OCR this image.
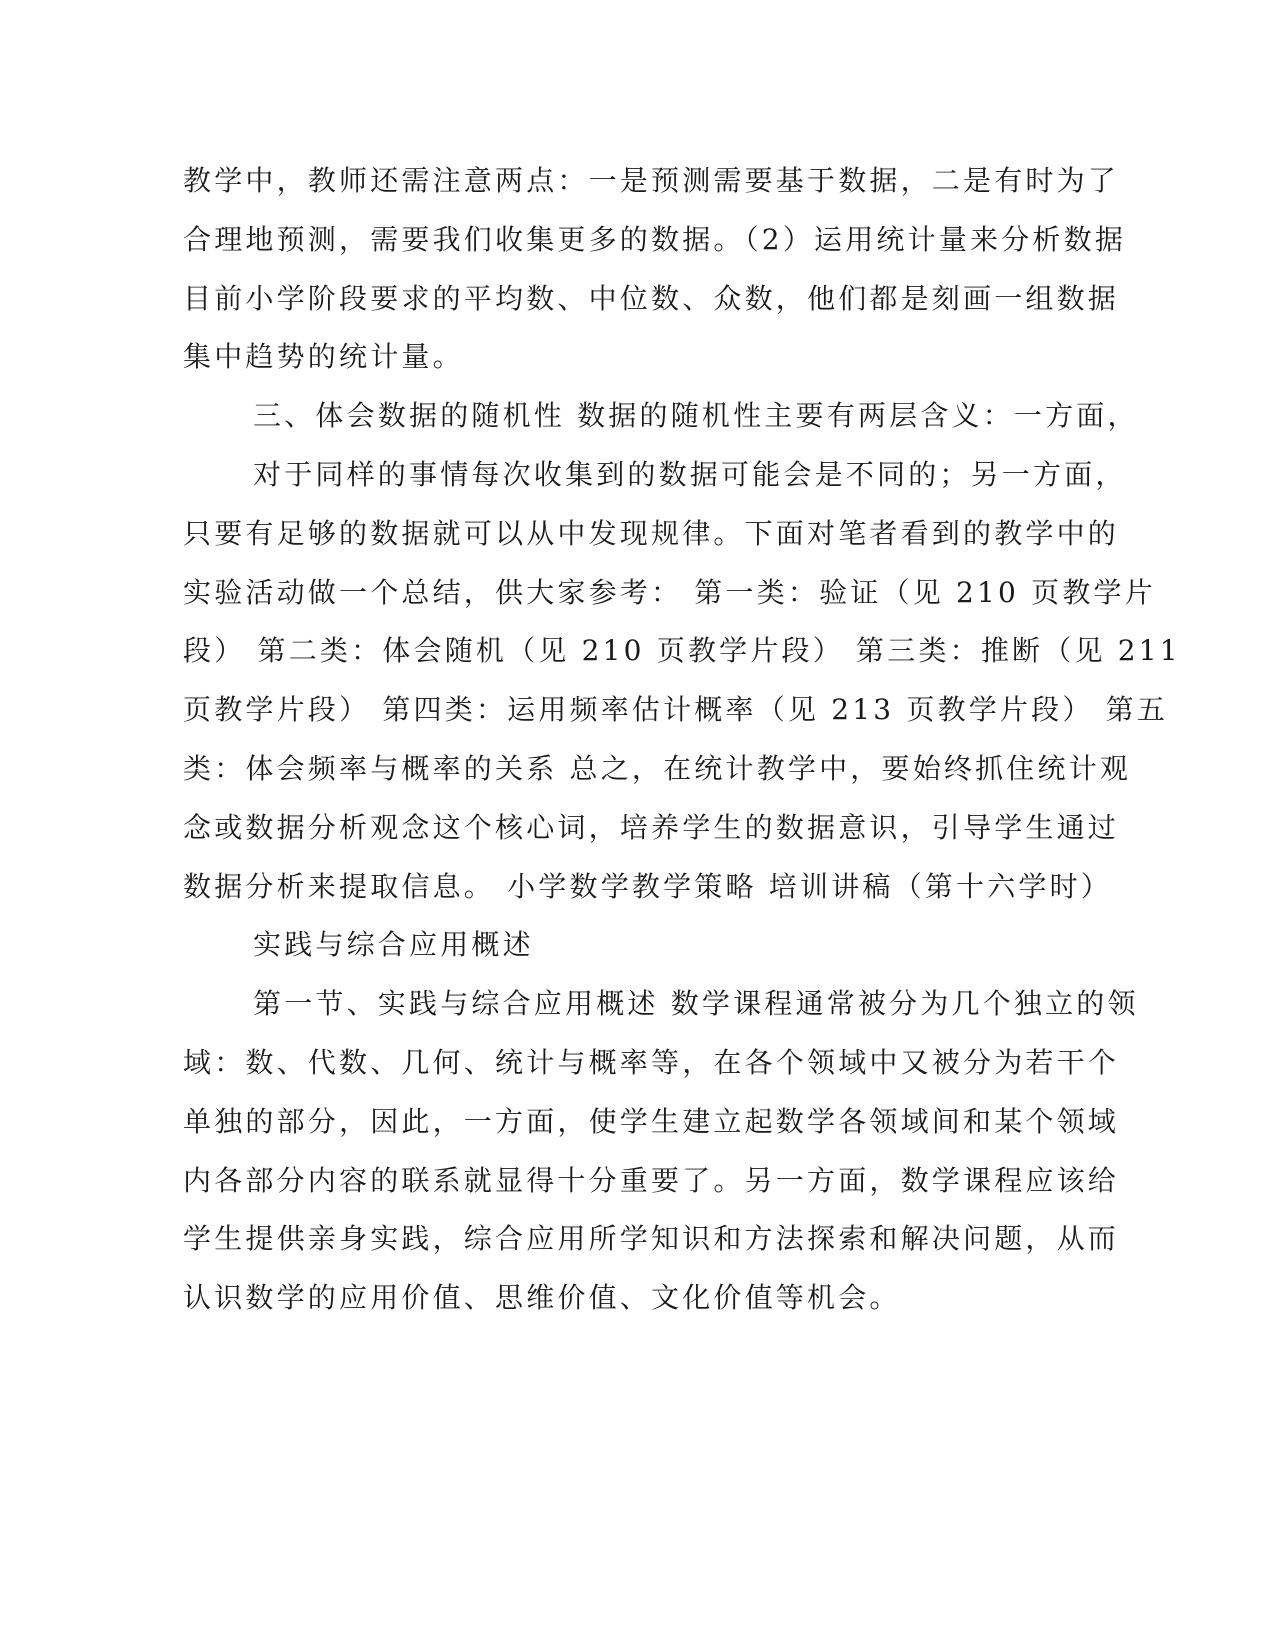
教学中，教师还需注意两点：一是预测需要基于数据，二是有时为了
合理地预测，需要我们收集更多的数据。（2）运用统计量来分析数据
目前小学阶段要求的平均数、中位数、众数，他们都是刻画一组数据
集中趋势的统计量。
三、体会数据的随机性 数据的随机性主要有两层含义：一方面，
对于同样的事情每次收集到的数据可能会是不同的；另一方面，
只要有足够的数据就可以从中发现规律。下面对笔者看到的教学中的
实验活动做一个总结，供大家参考： 第一类：验证（见 210 页教学片
段） 第二类：体会随机（见 210 页教学片段） 第三类：推断（见 211
页教学片段） 第四类：运用频率估计概率（见 213 页教学片段） 第五
类：体会频率与概率的关系 总之，在统计教学中，要始终抓住统计观
念或数据分析观念这个核心词，培养学生的数据意识，引导学生通过
数据分析来提取信息。 小学数学教学策略 培训讲稿（第十六学时）
实践与综合应用概述
第一节、实践与综合应用概述 数学课程通常被分为几个独立的领
域：数、代数、几何、统计与概率等，在各个领域中又被分为若干个
单独的部分，因此，一方面，使学生建立起数学各领域间和某个领域
内各部分内容的联系就显得十分重要了。另一方面，数学课程应该给
学生提供亲身实践，综合应用所学知识和方法探索和解决问题，从而
认识数学的应用价值、思维价值、文化价值等机会。
